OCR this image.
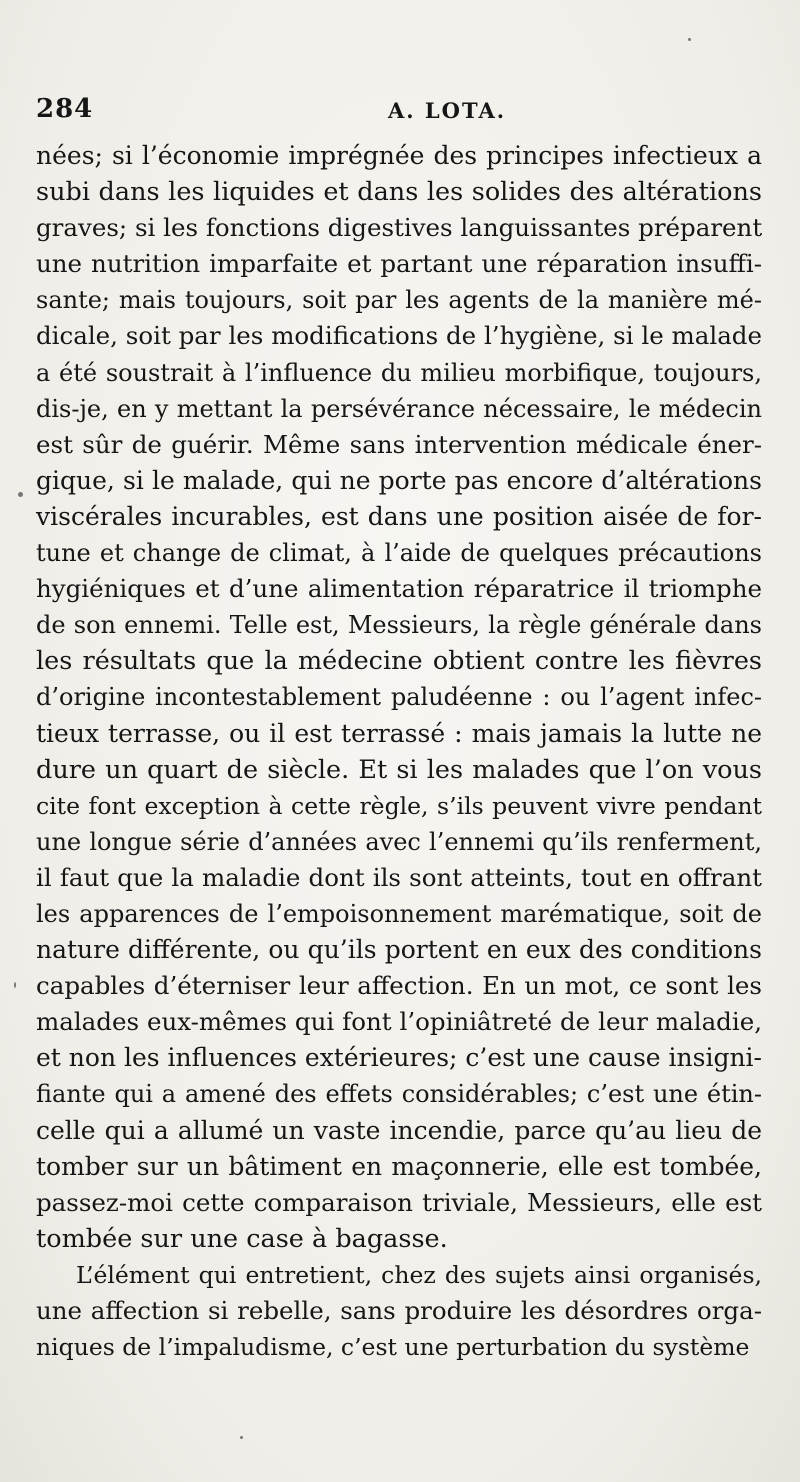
284	A. LOTA.
nées; si l’économie imprégnée des principes infectieux a
subi dans les liquides et dans les solides des altérations
graves; si les fonctions digestives languissantes préparent
une nutrition imparfaite et partant une réparation insuffi-
sante; mais toujours, soit par les agents de la manière mé-
dicale, soit par les modifications de l’hygiène, si le malade
a été soustrait à l’influence du milieu morbifique, toujours,
dis-je, en y mettant la persévérance nécessaire, le médecin
est sûr de guérir. Même sans intervention médicale éner-
gique, si le malade, qui ne porte pas encore d’altérations
viscérales incurables, est dans une position aisée de for-
tune et change de climat, à l’aide de quelques précautions
hygiéniques et d’une alimentation réparatrice il triomphe
de son ennemi. Telle est, Messieurs, la règle générale dans
les résultats que la médecine obtient contre les fièvres
d’origine incontestablement paludéenne : ou l’agent infec-
tieux terrasse, ou il est terrassé : mais jamais la lutte ne
dure un quart de siècle. Et si les malades que l’on vous
cite font exception à cette règle, s’ils peuvent vivre pendant
une longue série d’années avec l’ennemi qu’ils renferment,
il faut que la maladie dont ils sont atteints, tout en offrant
les apparences de l’empoisonnement marématique, soit de
nature différente, ou qu’ils portent en eux des conditions
capables d’éterniser leur affection. En un mot, ce sont les
malades eux-mêmes qui font l’opiniâtreté de leur maladie,
et non les influences extérieures; c’est une cause insigni-
fiante qui a amené des effets considérables; c’est une étin-
celle qui a allumé un vaste incendie, parce qu’au lieu de
tomber sur un bâtiment en maçonnerie, elle est tombée,
passez-moi cette comparaison triviale, Messieurs, elle est
tombée sur une case à bagasse.
L’élément qui entretient, chez des sujets ainsi organisés,
une affection si rebelle, sans produire les désordres orga-
niques de l’impaludisme, c’est une perturbation du système
